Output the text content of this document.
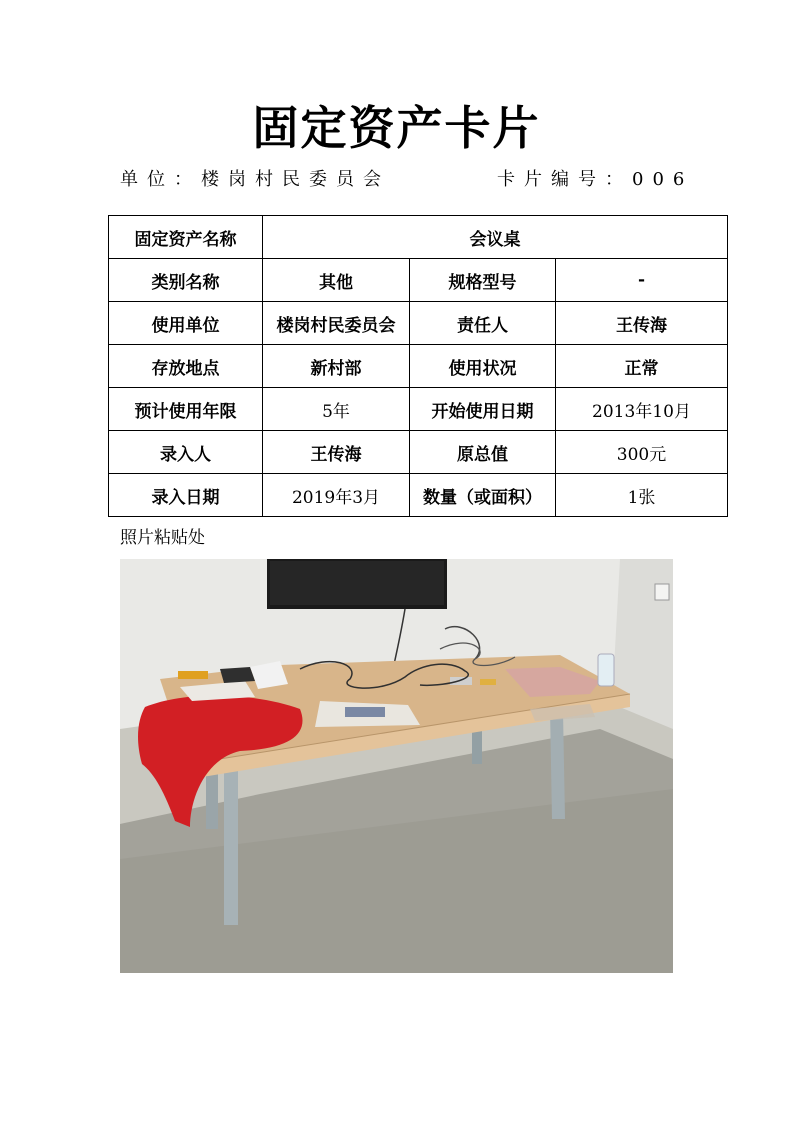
固定资产卡片
单位：楼岗村民委员会	卡片编号：006
固定资产名称	会议桌		
类别名称	其他	规格型号	-
使用单位	楼岗村民委员会	责任人	王传海
存放地点	新村部	使用状况	正常
预计使用年限	5年	开始使用日期	2013年10月
录入人	王传海	原总值	300元
录入日期	2019年3月	数量（或面积）	1张
照片粘贴处
